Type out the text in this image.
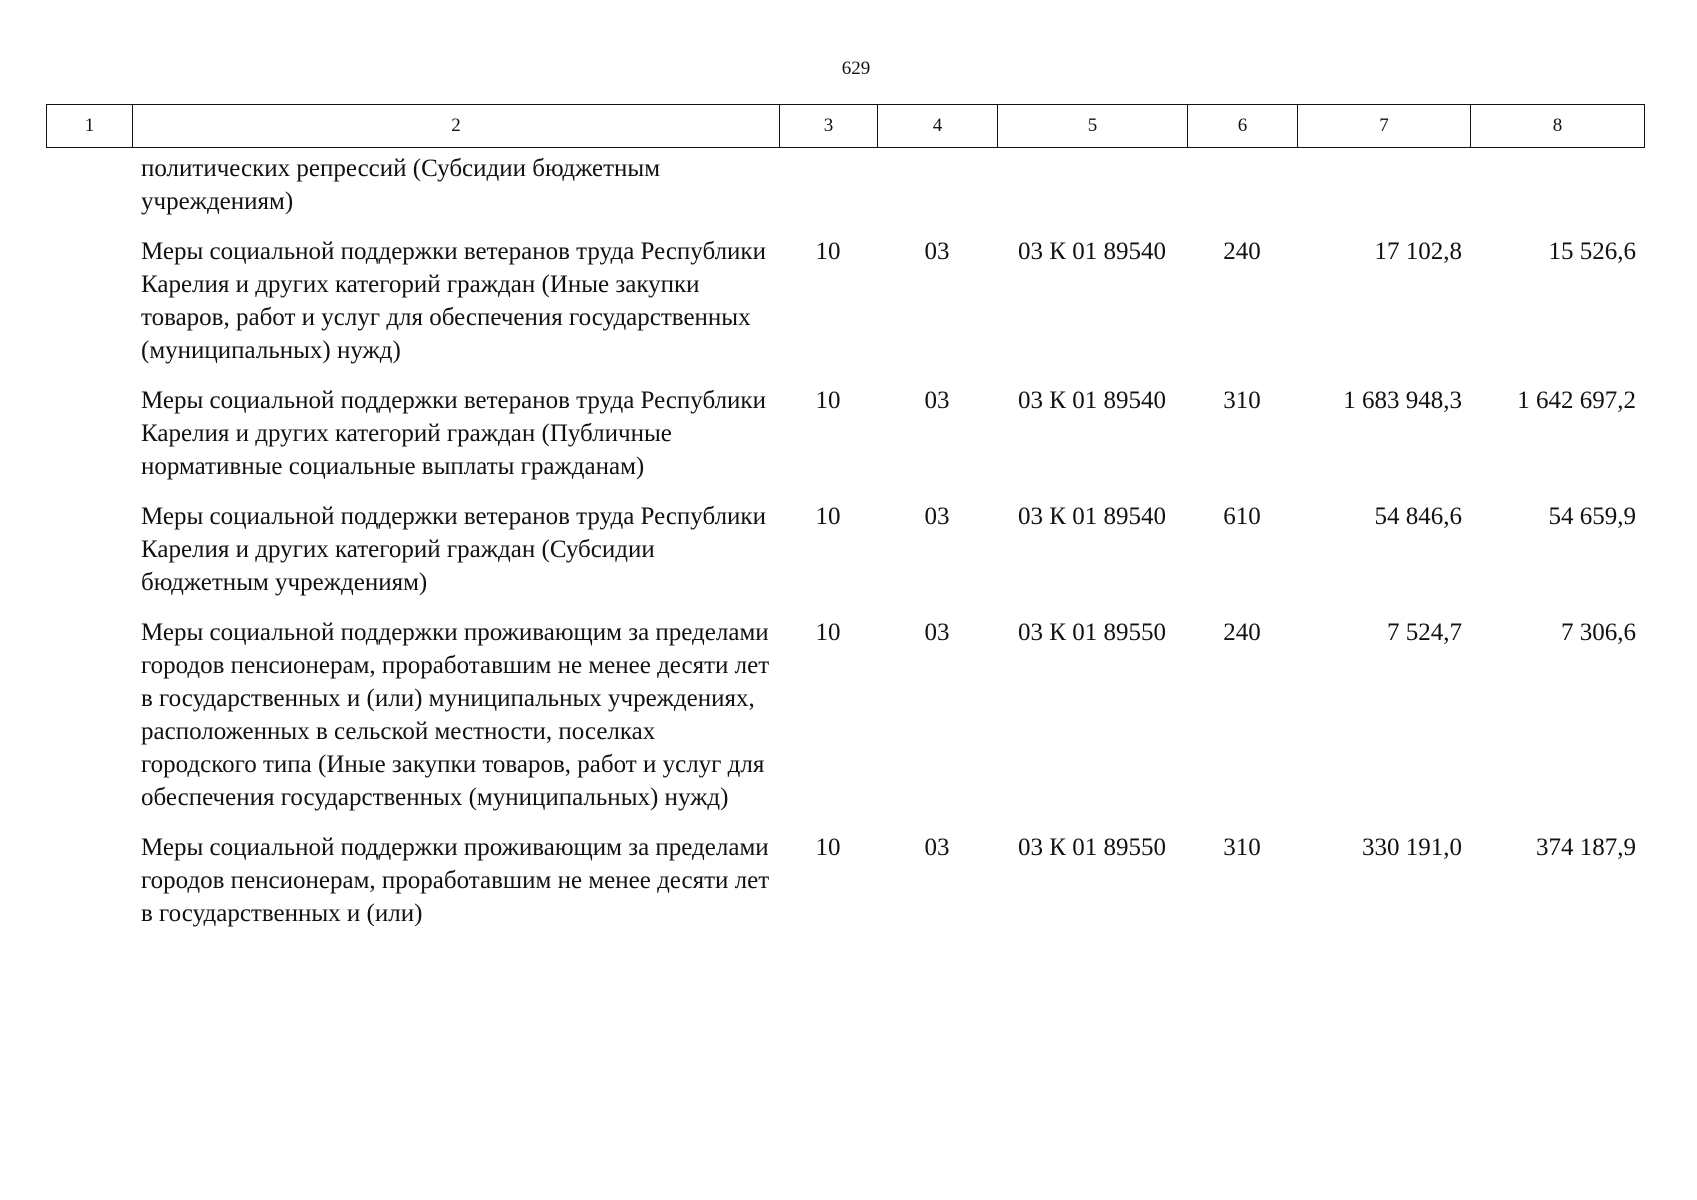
629
1	2	3	4	5	6	7	8
политических репрессий (Субсидии бюджетным учреждениям)						
Меры социальной поддержки ветеранов труда Республики Карелия и других категорий граждан (Иные закупки товаров, работ и услуг для обеспечения государственных (муниципальных) нужд)	10	03	03 К 01 89540	240	17 102,8	15 526,6
Меры социальной поддержки ветеранов труда Республики Карелия и других категорий граждан (Публичные нормативные социальные выплаты гражданам)	10	03	03 К 01 89540	310	1 683 948,3	1 642 697,2
Меры социальной поддержки ветеранов труда Республики Карелия и других категорий граждан (Субсидии бюджетным учреждениям)	10	03	03 К 01 89540	610	54 846,6	54 659,9
Меры социальной поддержки проживающим за пределами городов пенсионерам, проработавшим не менее десяти лет в государственных и (или) муниципальных учреждениях, расположенных в сельской местности, поселках городского типа (Иные закупки товаров, работ и услуг для обеспечения государственных (муниципальных) нужд)	10	03	03 К 01 89550	240	7 524,7	7 306,6
Меры социальной поддержки проживающим за пределами городов пенсионерам, проработавшим не менее десяти лет в государственных и (или)	10	03	03 К 01 89550	310	330 191,0	374 187,9
